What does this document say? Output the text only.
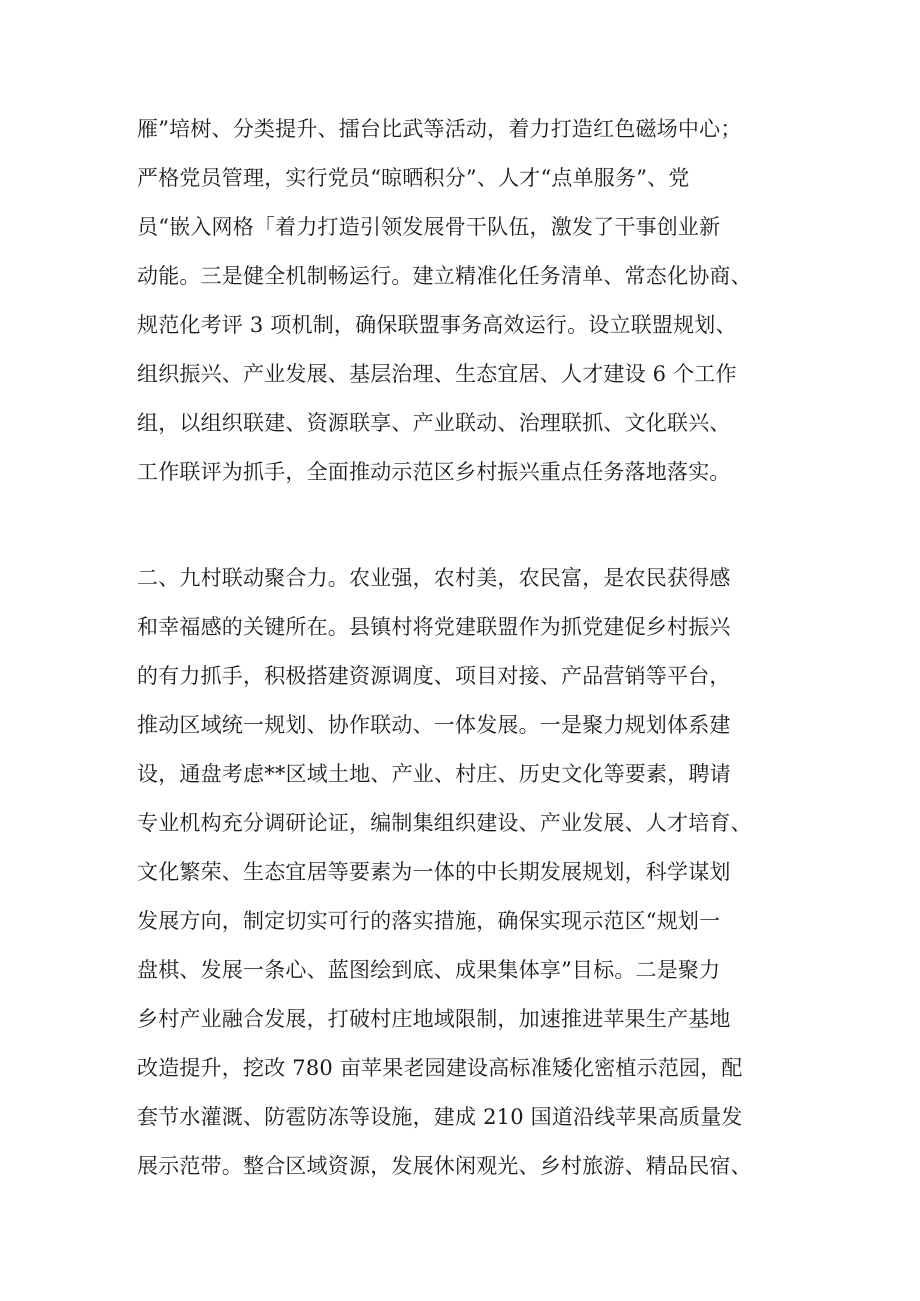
雁”培树、分类提升、擂台比武等活动，着力打造红色磁场中心；
严格党员管理，实行党员“晾晒积分”、人才“点单服务”、党
员“嵌入网格「着力打造引领发展骨干队伍，激发了干事创业新
动能。三是健全机制畅运行。建立精准化任务清单、常态化协商、
规范化考评 3 项机制，确保联盟事务高效运行。设立联盟规划、
组织振兴、产业发展、基层治理、生态宜居、人才建设 6 个工作
组，以组织联建、资源联享、产业联动、治理联抓、文化联兴、
工作联评为抓手，全面推动示范区乡村振兴重点任务落地落实。
二、九村联动聚合力。农业强，农村美，农民富，是农民获得感
和幸福感的关键所在。县镇村将党建联盟作为抓党建促乡村振兴
的有力抓手，积极搭建资源调度、项目对接、产品营销等平台，
推动区域统一规划、协作联动、一体发展。一是聚力规划体系建
设，通盘考虑**区域土地、产业、村庄、历史文化等要素，聘请
专业机构充分调研论证，编制集组织建设、产业发展、人才培育、
文化繁荣、生态宜居等要素为一体的中长期发展规划，科学谋划
发展方向，制定切实可行的落实措施，确保实现示范区“规划一
盘棋、发展一条心、蓝图绘到底、成果集体享”目标。二是聚力
乡村产业融合发展，打破村庄地域限制，加速推进苹果生产基地
改造提升，挖改 780 亩苹果老园建设高标准矮化密植示范园，配
套节水灌溉、防雹防冻等设施，建成 210 国道沿线苹果高质量发
展示范带。整合区域资源，发展休闲观光、乡村旅游、精品民宿、
